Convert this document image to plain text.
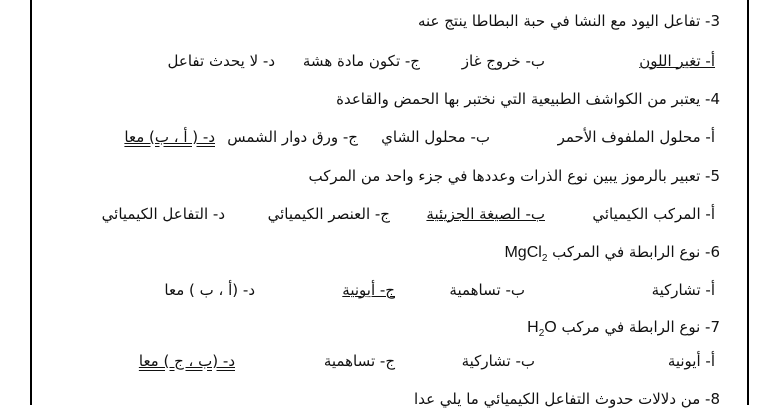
3- تفاعل اليود مع النشا في حبة البطاطا ينتج عنه
أ- تغير اللون
ب- خروج غاز
ج- تكون مادة هشة
د- لا يحدث تفاعل
4- يعتبر من الكواشف الطبيعية التي نختبر بها الحمض والقاعدة
أ- محلول الملفوف الأحمر
ب- محلول الشاي
ج- ورق دوار الشمس
د- ( أ ، ب) معا
5- تعبير بالرموز يبين نوع الذرات وعددها في جزء واحد من المركب
أ- المركب الكيميائي
ب- الصيغة الجزيئية
ج- العنصر الكيميائي
د- التفاعل الكيميائي
6- نوع الرابطة في المركب MgCl$_2$
أ- تشاركية
ب- تساهمية
ج- أيونية
د- (أ ، ب ) معا
7- نوع الرابطة في مركب $H_2O$
أ- أيونية
ب- تشاركية
ج- تساهمية
د- (ب ، ج ) معا
8- من دلالات حدوث التفاعل الكيميائي ما يلي عدا
